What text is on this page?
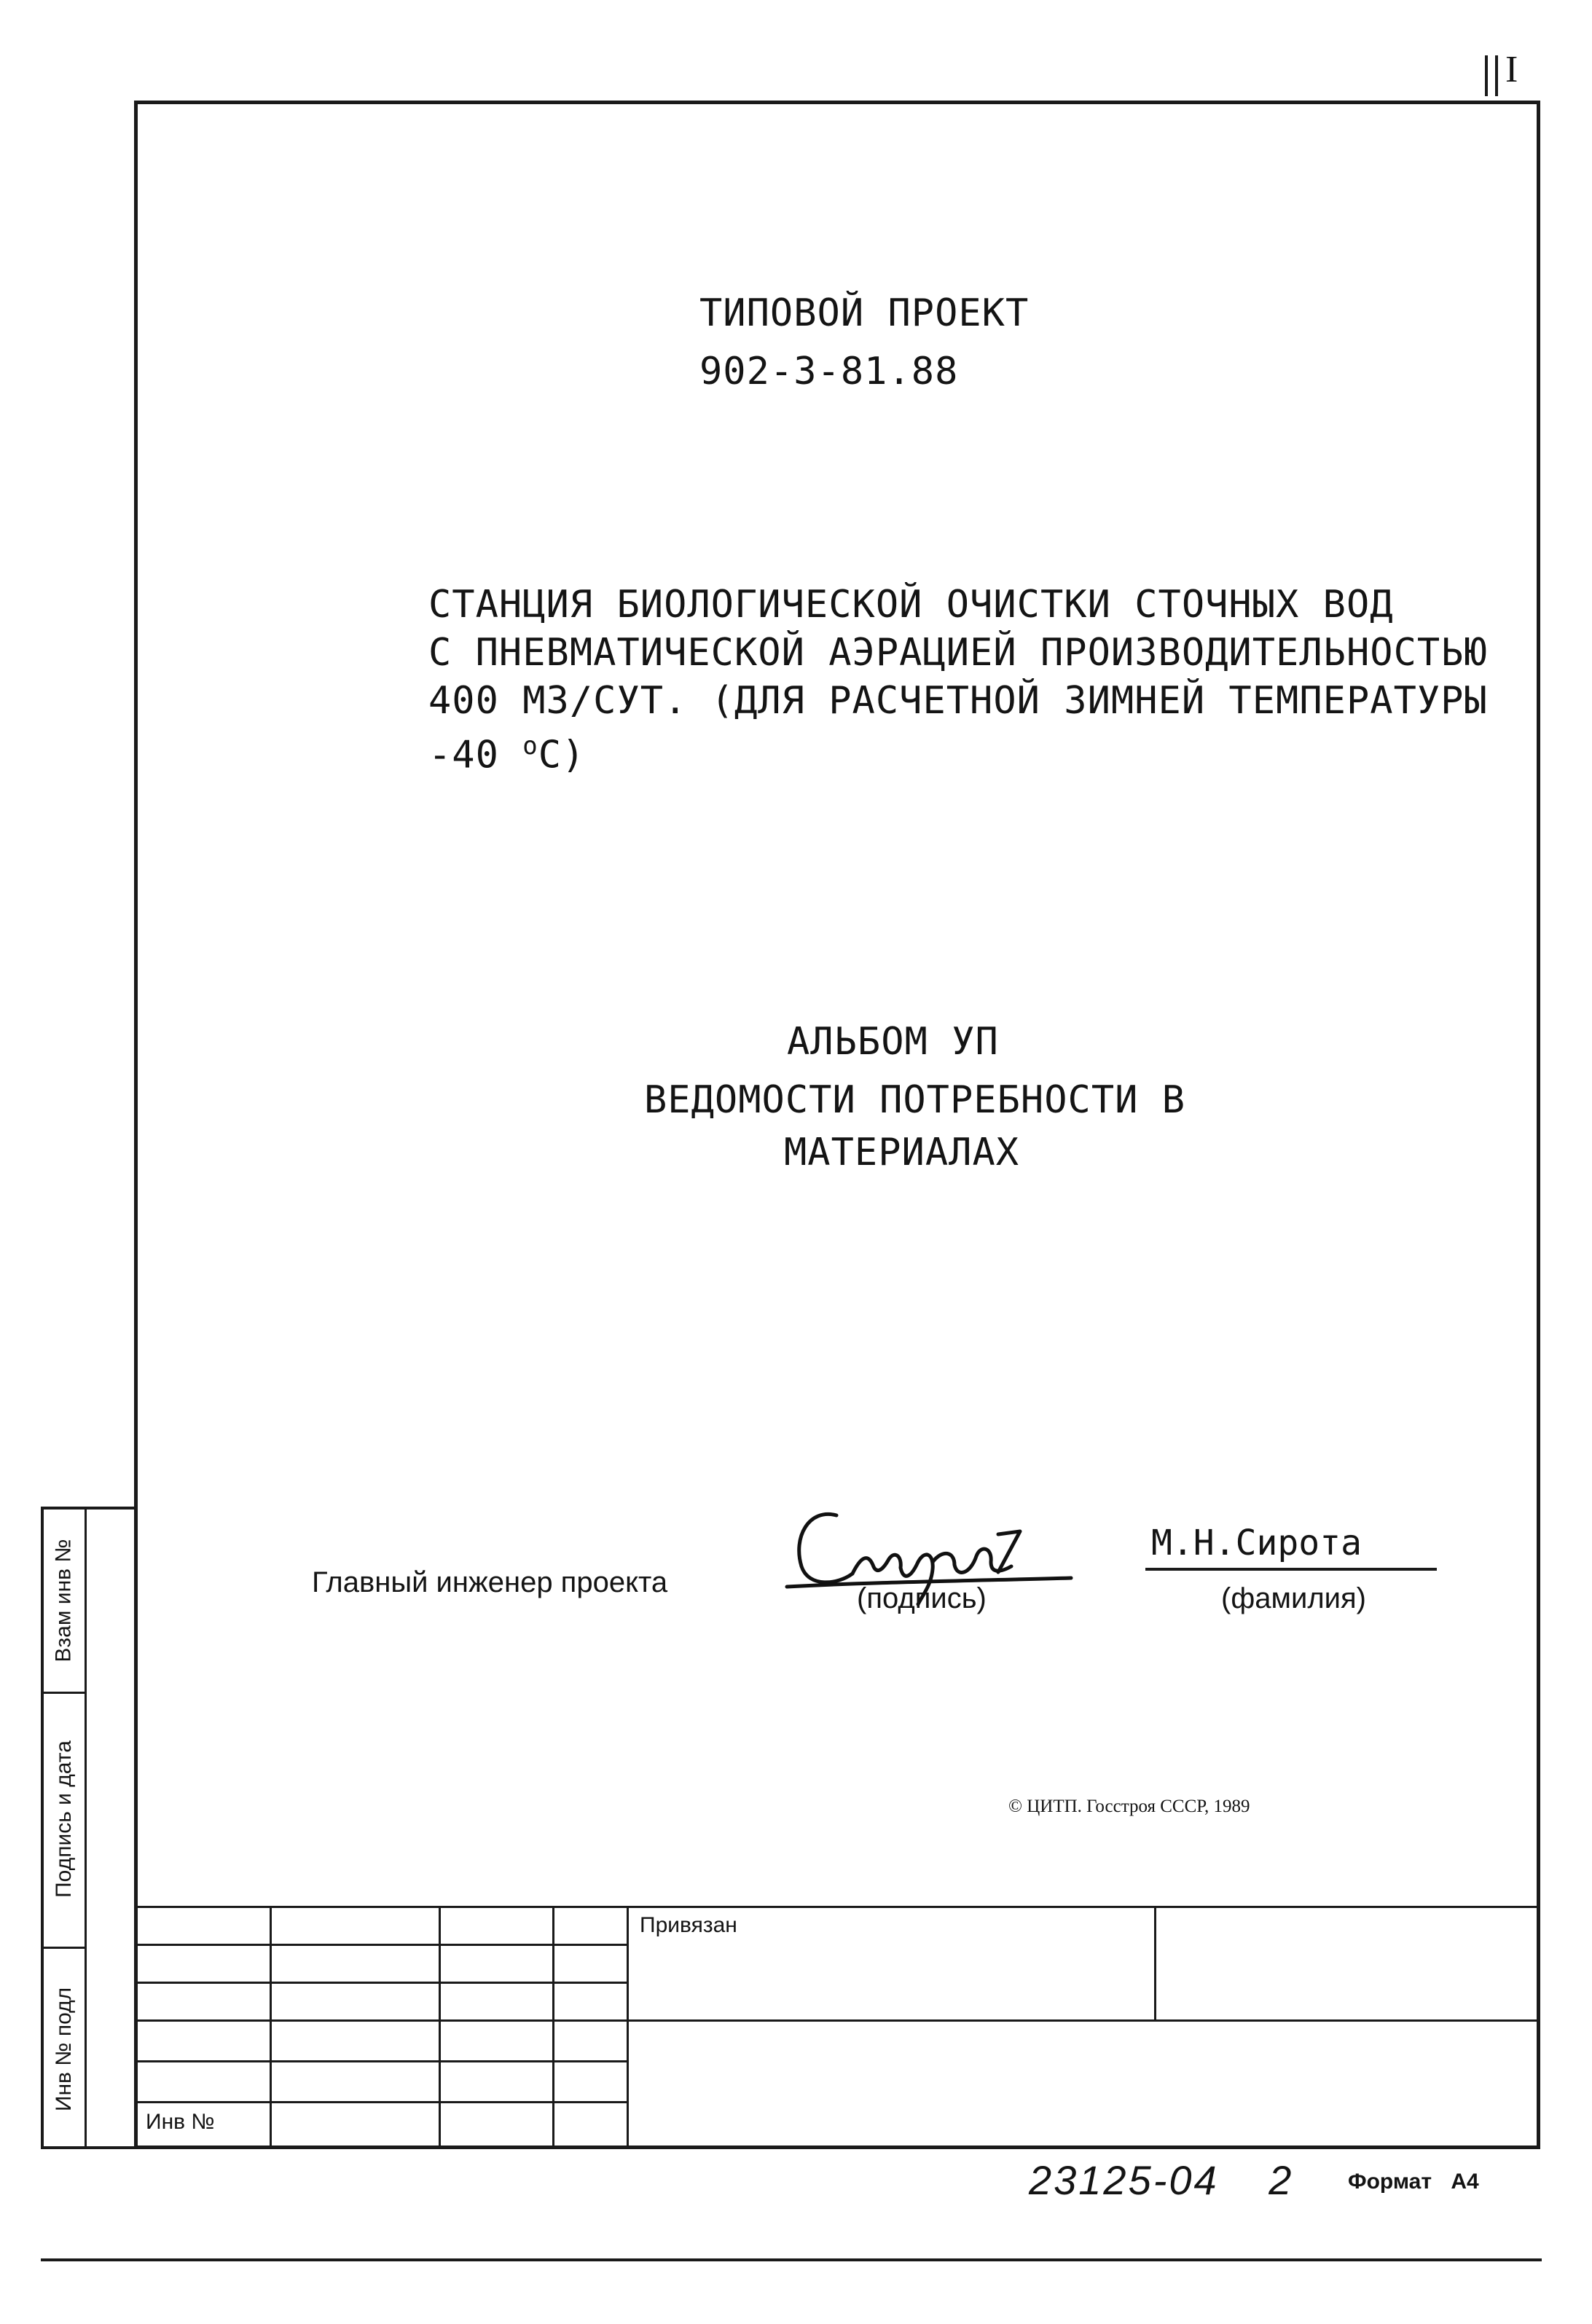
I
ТИПОВОЙ ПРОЕКТ
902-3-81.88
СТАНЦИЯ БИОЛОГИЧЕСКОЙ ОЧИСТКИ СТОЧНЫХ ВОД
С ПНЕВМАТИЧЕСКОЙ АЭРАЦИЕЙ ПРОИЗВОДИТЕЛЬНОСТЬЮ
400 МЗ/СУТ. (ДЛЯ РАСЧЕТНОЙ ЗИМНЕЙ ТЕМПЕРАТУРЫ
-40 $^о$С)
АЛЬБОМ УП
ВЕДОМОСТИ ПОТРЕБНОСТИ В
МАТЕРИАЛАХ
Главный инженер проекта	(подпись)
М.Н.Сирота
(фамилия)
© ЦИТП. Госстроя СССР, 1989
Взам инв №
Подпись и дата
Инв № подл
Привязан
Инв №
23125-04 2 Формат А4
